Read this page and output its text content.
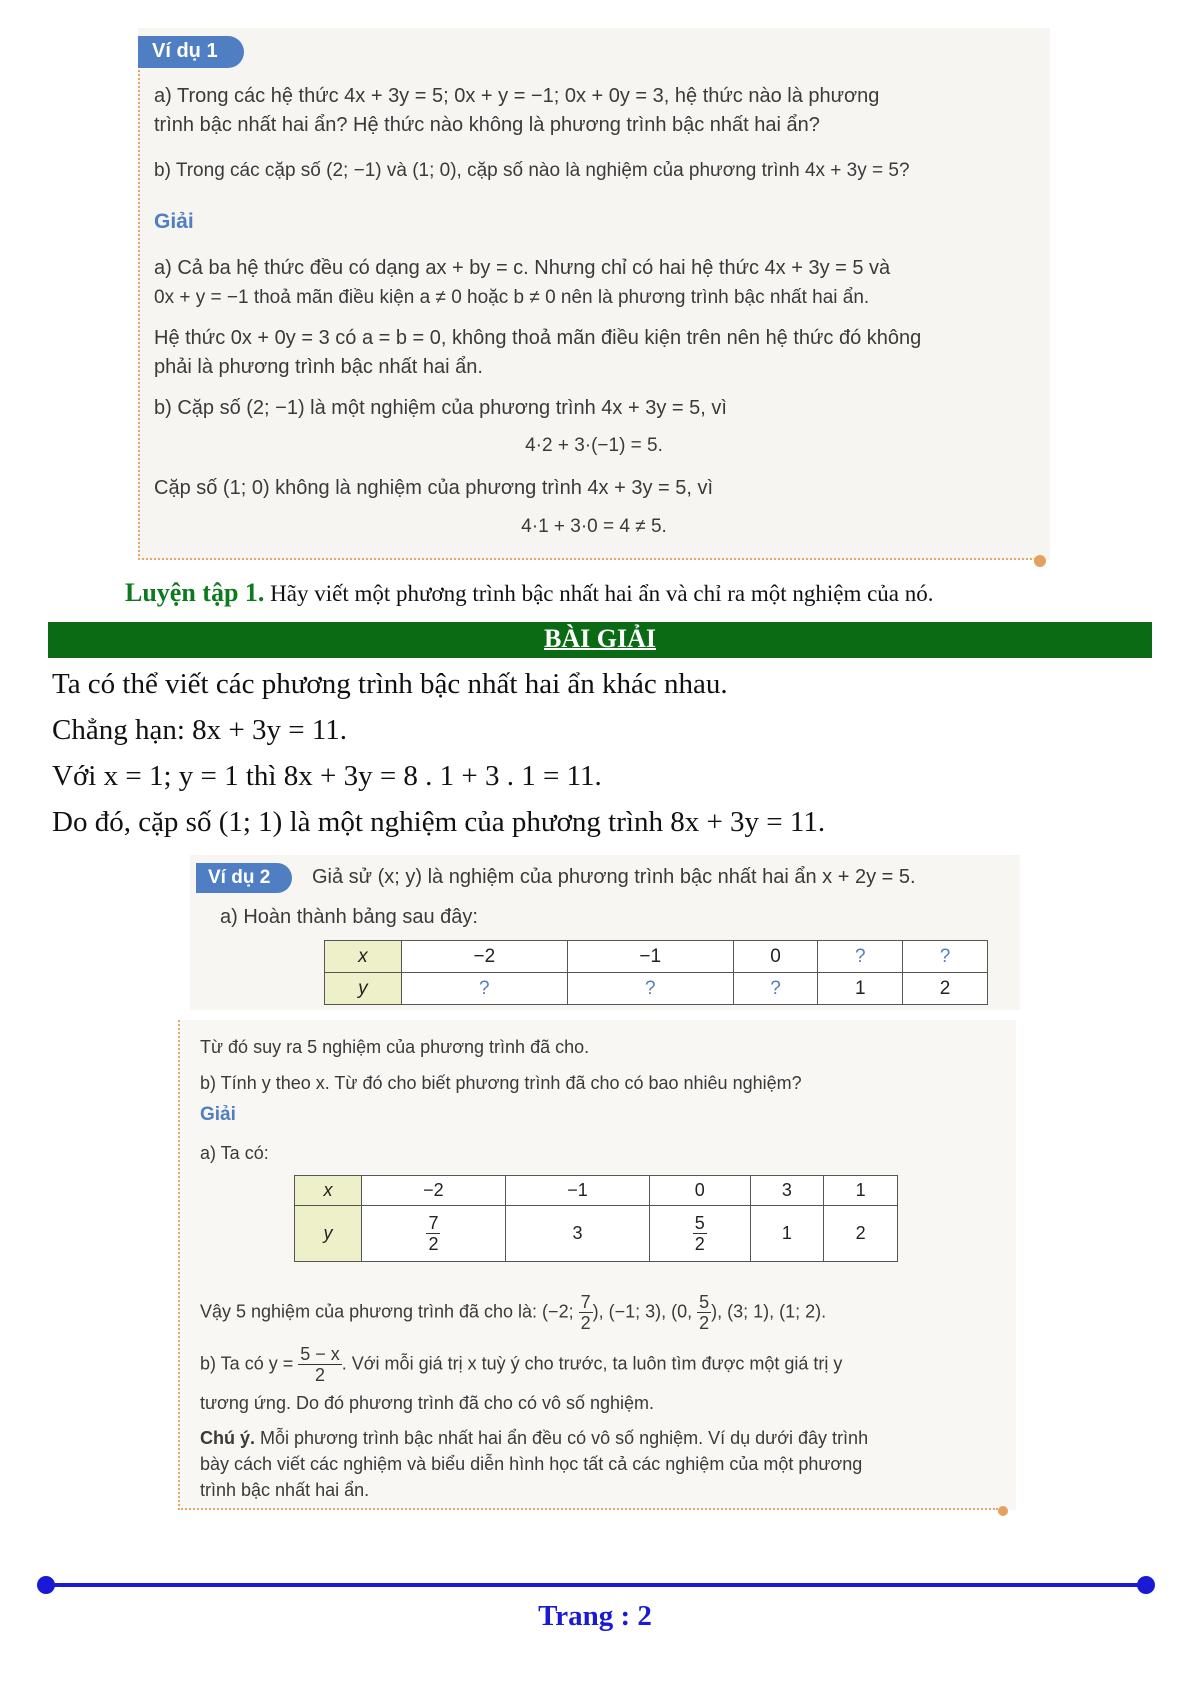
Ví dụ 1
a) Trong các hệ thức 4x + 3y = 5; 0x + y = −1; 0x + 0y = 3, hệ thức nào là phương
trình bậc nhất hai ẩn? Hệ thức nào không là phương trình bậc nhất hai ẩn?
b) Trong các cặp số (2; −1) và (1; 0), cặp số nào là nghiệm của phương trình 4x + 3y = 5?
Giải
a) Cả ba hệ thức đều có dạng ax + by = c. Nhưng chỉ có hai hệ thức 4x + 3y = 5 và
0x + y = −1 thoả mãn điều kiện a ≠ 0 hoặc b ≠ 0 nên là phương trình bậc nhất hai ẩn.
Hệ thức 0x + 0y = 3 có a = b = 0, không thoả mãn điều kiện trên nên hệ thức đó không
phải là phương trình bậc nhất hai ẩn.
b) Cặp số (2; −1) là một nghiệm của phương trình 4x + 3y = 5, vì
4·2 + 3·(−1) = 5.
Cặp số (1; 0) không là nghiệm của phương trình 4x + 3y = 5, vì
4·1 + 3·0 = 4 ≠ 5.
Luyện tập 1. Hãy viết một phương trình bậc nhất hai ẩn và chỉ ra một nghiệm của nó.
BÀI GIẢI
Ta có thể viết các phương trình bậc nhất hai ẩn khác nhau.
Chẳng hạn: 8x + 3y = 11.
Với x = 1; y = 1 thì 8x + 3y = 8 . 1 + 3 . 1 = 11.
Do đó, cặp số (1; 1) là một nghiệm của phương trình 8x + 3y = 11.
Ví dụ 2	Giả sử (x; y) là nghiệm của phương trình bậc nhất hai ẩn x + 2y = 5.
a) Hoàn thành bảng sau đây:
x	−2	−1	0	?	?
y	?	?	?	1	2
Từ đó suy ra 5 nghiệm của phương trình đã cho.
b) Tính y theo x. Từ đó cho biết phương trình đã cho có bao nhiêu nghiệm?
Giải
a) Ta có:
x	−2	−1	0	3	1
y	$\frac{7}{2}$	3	$\frac{5}{2}$	1	2
Vậy 5 nghiệm của phương trình đã cho là: (−2; $\frac{7}{2}$ ), (−1; 3), (0, $\frac{5}{2}$ ), (3; 1), (1; 2).
b) Ta có $y = \frac{5 - x}{2}$ . Với mỗi giá trị x tuỳ ý cho trước, ta luôn tìm được một giá trị y
tương ứng. Do đó phương trình đã cho có vô số nghiệm.
Chú ý. Mỗi phương trình bậc nhất hai ẩn đều có vô số nghiệm. Ví dụ dưới đây trình
bày cách viết các nghiệm và biểu diễn hình học tất cả các nghiệm của một phương
trình bậc nhất hai ẩn.
Trang : 2
